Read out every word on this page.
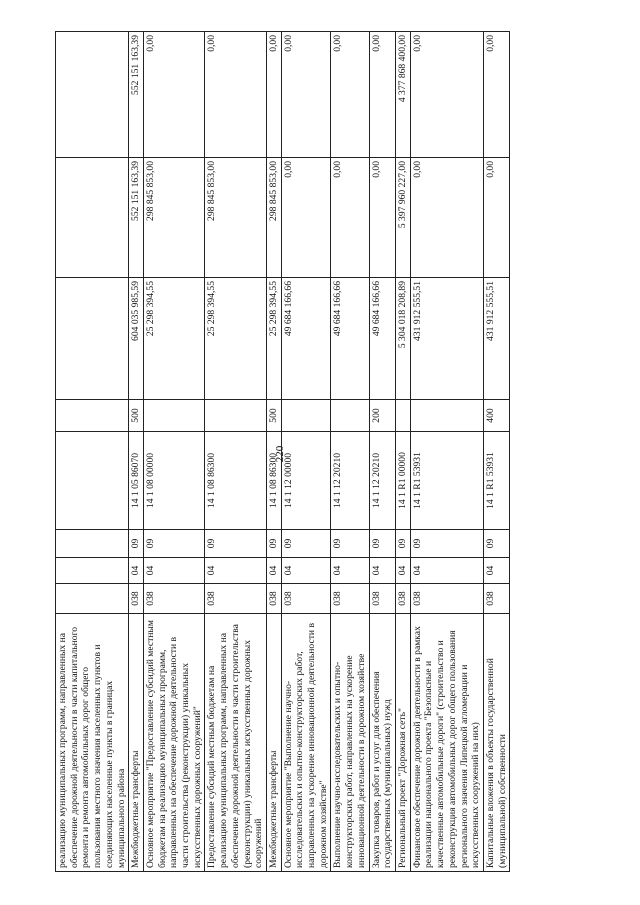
220
реализацию муниципальных программ, направленных на обеспечение дорожной деятельности в части капитального ремонта и ремонта автомобильных дорог общего пользования местного значения населенных пунктов и соединяющих населенные пункты в границах муниципального района								
Межбюджетные трансферты	038	04	09	14 1 05 86070	500	604 035 985,59	552 151 163,39	552 151 163,39
Основное мероприятие "Предоставление субсидий местным бюджетам на реализацию муниципальных программ, направленных на обеспечение дорожной деятельности в части строительства (реконструкции) уникальных искусственных дорожных сооружений"	038	04	09	14 1 08 00000		25 298 394,55	298 845 853,00	0,00
Предоставление субсидий местным бюджетам на реализацию муниципальных программ, направленных на обеспечение дорожной деятельности в части строительства (реконструкции) уникальных искусственных дорожных сооружений	038	04	09	14 1 08 86300		25 298 394,55	298 845 853,00	0,00
Межбюджетные трансферты	038	04	09	14 1 08 86300	500	25 298 394,55	298 845 853,00	0,00
Основное мероприятие "Выполнение научно-исследовательских и опытно-конструкторских работ, направленных на ускорение инновационной деятельности в дорожном хозяйстве"	038	04	09	14 1 12 00000		49 684 166,66	0,00	0,00
Выполнение научно-исследовательских и опытно-конструкторских работ, направленных на ускорение инновационной деятельности в дорожном хозяйстве	038	04	09	14 1 12 20210		49 684 166,66	0,00	0,00
Закупка товаров, работ и услуг для обеспечения государственных (муниципальных) нужд	038	04	09	14 1 12 20210	200	49 684 166,66	0,00	0,00
Региональный проект "Дорожная сеть"	038	04	09	14 1 R1 00000		5 304 018 208,89	5 397 960 227,00	4 377 868 400,00
Финансовое обеспечение дорожной деятельности в рамках реализации национального проекта "Безопасные и качественные автомобильные дороги" (строительство и реконструкция автомобильных дорог общего пользования регионального значения Липецкой агломерации и искусственных сооружений на них)	038	04	09	14 1 R1 53931		431 912 555,51	0,00	0,00
Капитальные вложения в объекты государственной (муниципальной) собственности	038	04	09	14 1 R1 53931	400	431 912 555,51	0,00	0,00
